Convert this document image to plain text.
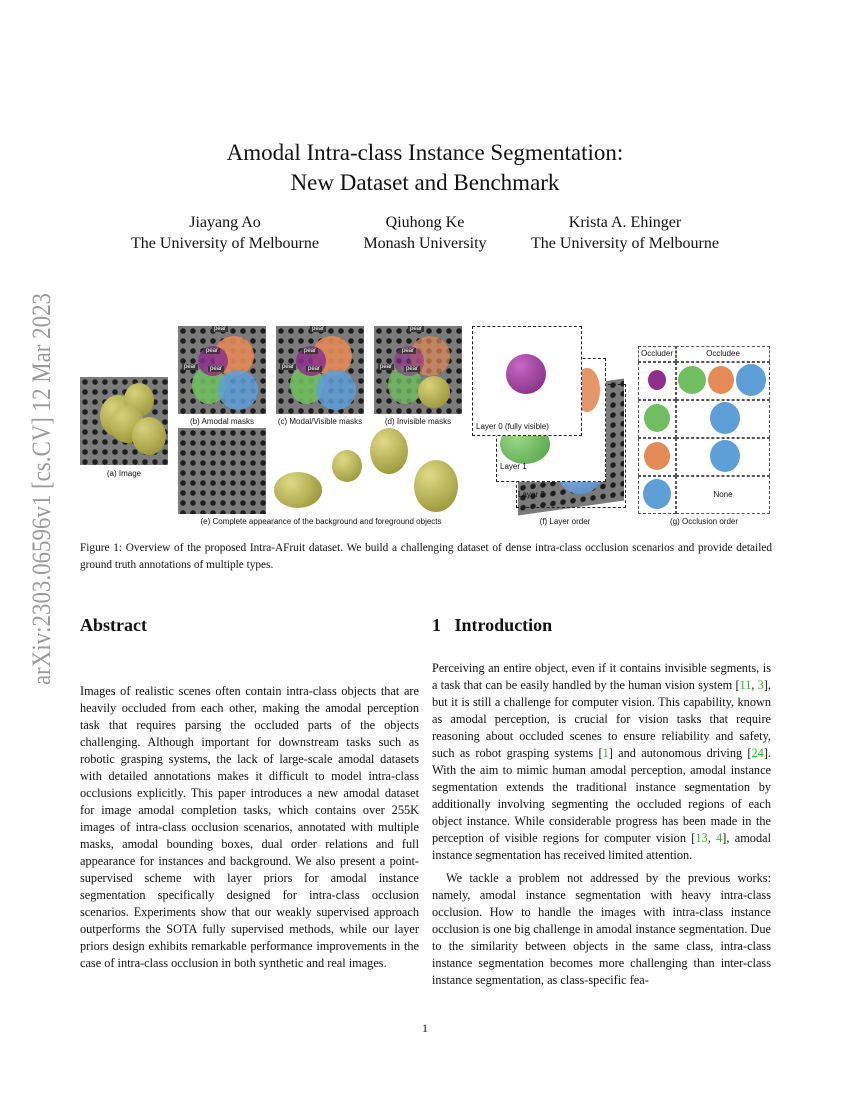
arXiv:2303.06596v1 [cs.CV] 12 Mar 2023
Amodal Intra-class Instance Segmentation:
New Dataset and Benchmark
Jiayang Ao
The University of Melbourne
Qiuhong Ke
Monash University
Krista A. Ehinger
The University of Melbourne
(a) Image
pear
pear
pear	pear
(b) Amodal masks
pear
pear
pear	pear
(c) Modal/Visible masks
pear
pear
pear	pear
(d) Invisible masks
(e) Complete appearance of the background and foreground objects
Layer 0 (fully visible)
Layer 1
Layer 2
(f) Layer order
Occluder	Occludee
None
(g) Occlusion order
Figure 1: Overview of the proposed Intra-AFruit dataset. We build a challenging dataset of dense intra-class occlusion scenarios and provide detailed ground truth annotations of multiple types.
Abstract

Images of realistic scenes often contain intra-class objects that are heavily occluded from each other, making the amodal perception task that requires parsing the occluded parts of the objects challenging. Although important for downstream tasks such as robotic grasping systems, the lack of large-scale amodal datasets with detailed annotations makes it difficult to model intra-class occlusions explicitly. This paper introduces a new amodal dataset for image amodal completion tasks, which contains over 255K images of intra-class occlusion scenarios, annotated with multiple masks, amodal bounding boxes, dual order relations and full appearance for instances and background. We also present a point-supervised scheme with layer priors for amodal instance segmentation specifically designed for intra-class occlusion scenarios. Experiments show that our weakly supervised approach outperforms the SOTA fully supervised methods, while our layer priors design exhibits remarkable performance improvements in the case of intra-class occlusion in both synthetic and real images.

1   Introduction

Perceiving an entire object, even if it contains invisible segments, is a task that can be easily handled by the human vision system [11, 3], but it is still a challenge for computer vision. This capability, known as amodal perception, is crucial for vision tasks that require reasoning about occluded scenes to ensure reliability and safety, such as robot grasping systems [1] and autonomous driving [24]. With the aim to mimic human amodal perception, amodal instance segmentation extends the traditional instance segmentation by additionally involving segmenting the occluded regions of each object instance. While considerable progress has been made in the perception of visible regions for computer vision [13, 4], amodal instance segmentation has received limited attention.

We tackle a problem not addressed by the previous works: namely, amodal instance segmentation with heavy intra-class occlusion. How to handle the images with intra-class instance occlusion is one big challenge in amodal instance segmentation. Due to the similarity between objects in the same class, intra-class instance segmentation becomes more challenging than inter-class instance segmentation, as class-specific fea-

1
